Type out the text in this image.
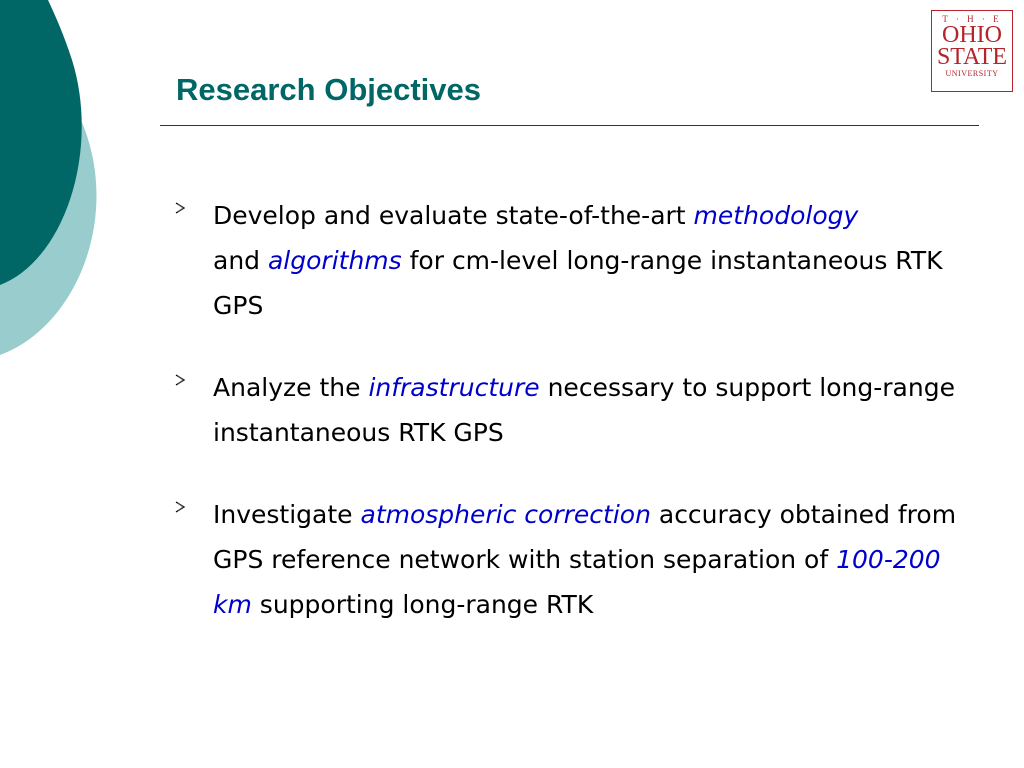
Research Objectives
T · H · E
OHIO
STATE
UNIVERSITY
Develop and evaluate state-of-the-art methodology
and algorithms for cm-level long-range instantaneous RTK GPS
Analyze the infrastructure necessary to support long-range instantaneous RTK GPS
Investigate atmospheric correction accuracy obtained from GPS reference network with station separation of 100-200 km supporting long-range RTK
